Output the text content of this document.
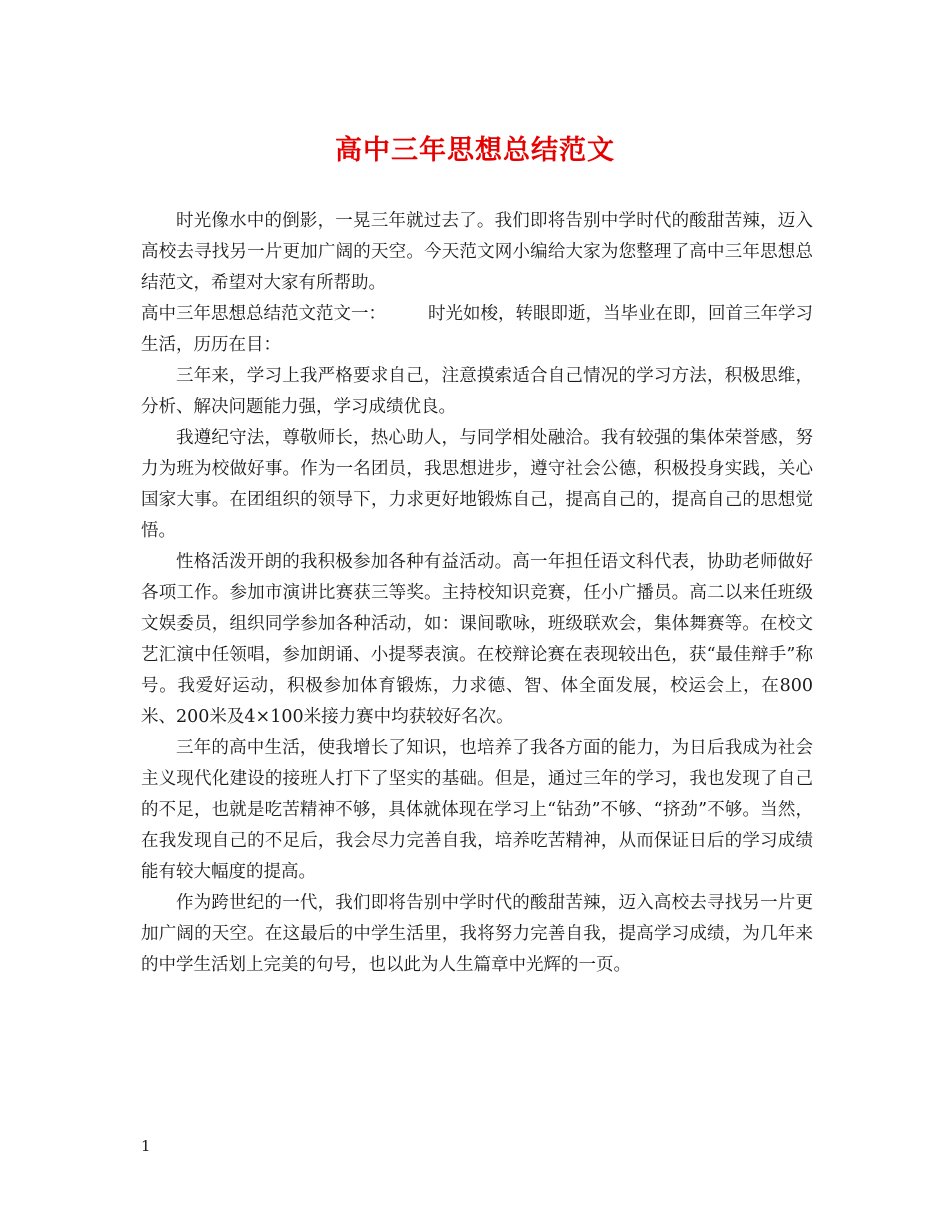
高中三年思想总结范文

时光像水中的倒影，一晃三年就过去了。我们即将告别中学时代的酸甜苦辣，迈入高校去寻找另一片更加广阔的天空。今天范文网小编给大家为您整理了高中三年思想总结范文，希望对大家有所帮助。

高中三年思想总结范文范文一： 时光如梭，转眼即逝，当毕业在即，回首三年学习生活，历历在目：

三年来，学习上我严格要求自己，注意摸索适合自己情况的学习方法，积极思维，分析、解决问题能力强，学习成绩优良。

我遵纪守法，尊敬师长，热心助人，与同学相处融洽。我有较强的集体荣誉感，努力为班为校做好事。作为一名团员，我思想进步，遵守社会公德，积极投身实践，关心国家大事。在团组织的领导下，力求更好地锻炼自己，提高自己的，提高自己的思想觉悟。

性格活泼开朗的我积极参加各种有益活动。高一年担任语文科代表，协助老师做好各项工作。参加市演讲比赛获三等奖。主持校知识竞赛，任小广播员。高二以来任班级文娱委员，组织同学参加各种活动，如：课间歌咏，班级联欢会，集体舞赛等。在校文艺汇演中任领唱，参加朗诵、小提琴表演。在校辩论赛在表现较出色，获“最佳辩手”称号。我爱好运动，积极参加体育锻炼，力求德、智、体全面发展，校运会上，在800米、200米及4×100米接力赛中均获较好名次。

三年的高中生活，使我增长了知识，也培养了我各方面的能力，为日后我成为社会主义现代化建设的接班人打下了坚实的基础。但是，通过三年的学习，我也发现了自己的不足，也就是吃苦精神不够，具体就体现在学习上“钻劲”不够、“挤劲”不够。当然，在我发现自己的不足后，我会尽力完善自我，培养吃苦精神，从而保证日后的学习成绩能有较大幅度的提高。

作为跨世纪的一代，我们即将告别中学时代的酸甜苦辣，迈入高校去寻找另一片更加广阔的天空。在这最后的中学生活里，我将努力完善自我，提高学习成绩，为几年来的中学生活划上完美的句号，也以此为人生篇章中光辉的一页。

1
